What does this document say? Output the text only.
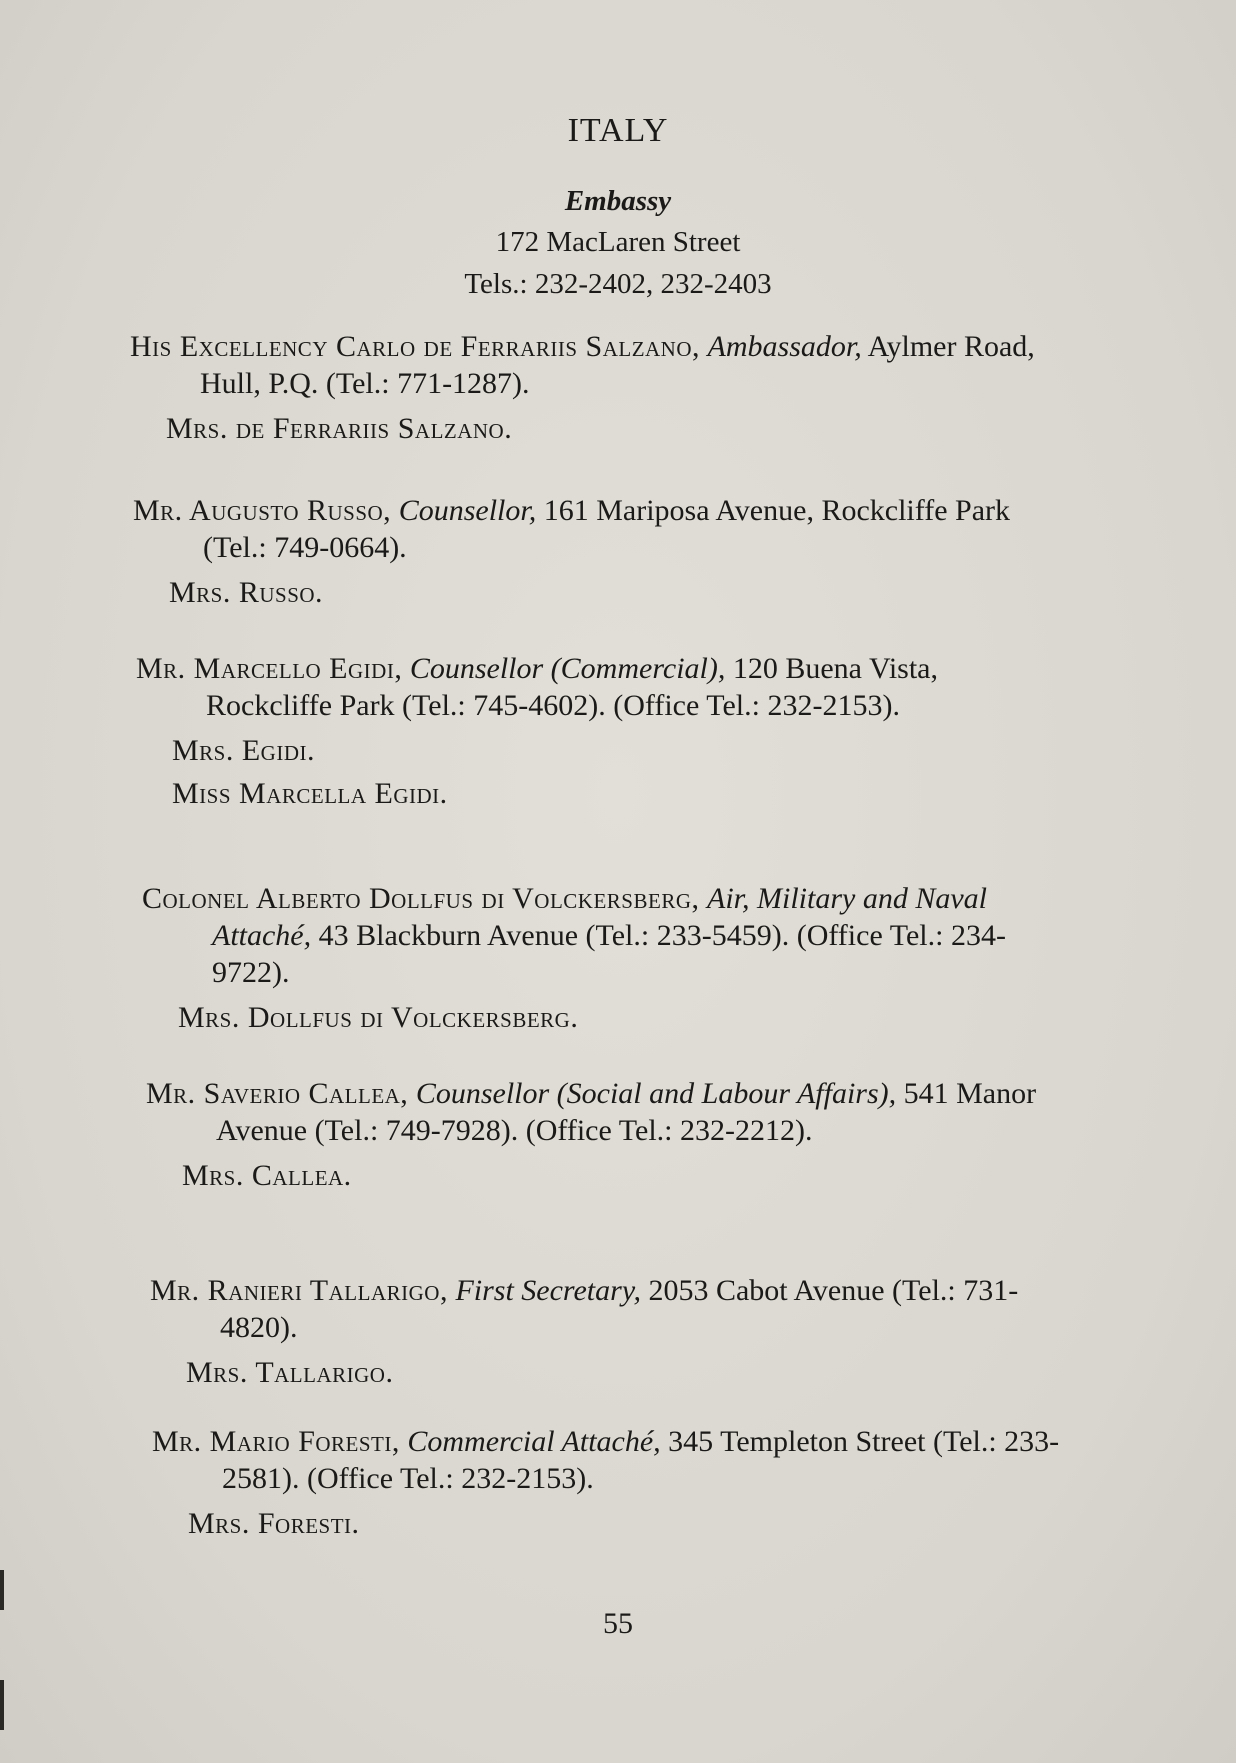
ITALY
Embassy
172 MacLaren Street
Tels.: 232-2402, 232-2403
His Excellency Carlo de Ferrariis Salzano, Ambassador, Aylmer Road, Hull, P.Q. (Tel.: 771-1287).
Mrs. de Ferrariis Salzano.
Mr. Augusto Russo, Counsellor, 161 Mariposa Avenue, Rockcliffe Park (Tel.: 749-0664).
Mrs. Russo.
Mr. Marcello Egidi, Counsellor (Commercial), 120 Buena Vista, Rockcliffe Park (Tel.: 745-4602). (Office Tel.: 232-2153).
Mrs. Egidi.
Miss Marcella Egidi.
Colonel Alberto Dollfus di Volckersberg, Air, Military and Naval Attaché, 43 Blackburn Avenue (Tel.: 233-5459). (Office Tel.: 234-9722).
Mrs. Dollfus di Volckersberg.
Mr. Saverio Callea, Counsellor (Social and Labour Affairs), 541 Manor Avenue (Tel.: 749-7928). (Office Tel.: 232-2212).
Mrs. Callea.
Mr. Ranieri Tallarigo, First Secretary, 2053 Cabot Avenue (Tel.: 731-4820).
Mrs. Tallarigo.
Mr. Mario Foresti, Commercial Attaché, 345 Templeton Street (Tel.: 233-2581). (Office Tel.: 232-2153).
Mrs. Foresti.
55
